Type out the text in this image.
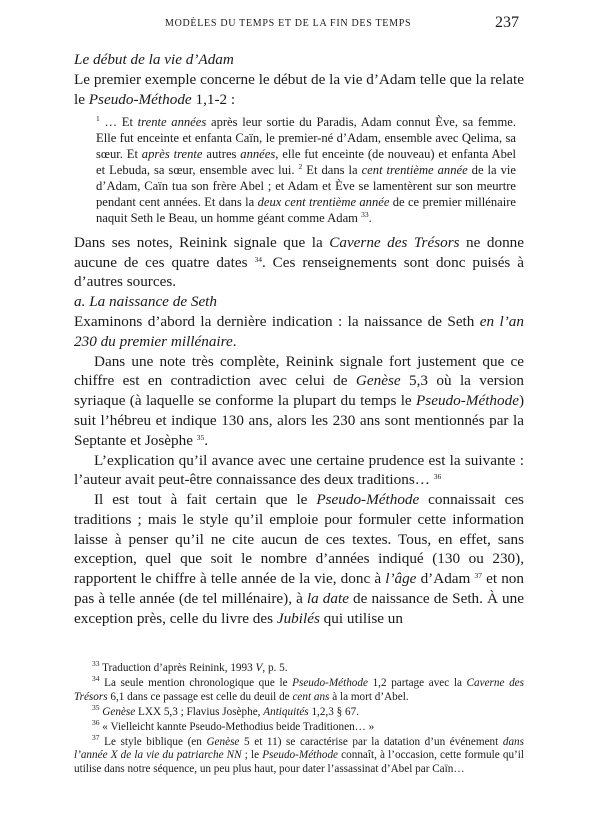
MODÈLES DU TEMPS ET DE LA FIN DES TEMPS	237

Le début de la vie d’Adam

Le premier exemple concerne le début de la vie d’Adam telle que la relate le Pseudo-Méthode 1,1-2 :

$^1$ … Et trente années après leur sortie du Paradis, Adam connut Ève, sa femme. Elle fut enceinte et enfanta Caïn, le premier-né d’Adam, ensemble avec Qelima, sa sœur. Et après trente autres années, elle fut enceinte (de nouveau) et enfanta Abel et Lebuda, sa sœur, ensemble avec lui. $^2$ Et dans la cent trentième année de la vie d’Adam, Caïn tua son frère Abel ; et Adam et Ève se lamentèrent sur son meurtre pendant cent années. Et dans la deux cent trentième année de ce premier millénaire naquit Seth le Beau, un homme géant comme Adam $^{33}$.

Dans ses notes, Reinink signale que la Caverne des Trésors ne donne aucune de ces quatre dates $^{34}$. Ces renseignements sont donc puisés à d’autres sources.

a. La naissance de Seth

Examinons d’abord la dernière indication : la naissance de Seth en l’an 230 du premier millénaire.

Dans une note très complète, Reinink signale fort justement que ce chiffre est en contradiction avec celui de Genèse 5,3 où la version syriaque (à laquelle se conforme la plupart du temps le Pseudo-Méthode) suit l’hébreu et indique 130 ans, alors les 230 ans sont mentionnés par la Septante et Josèphe $^{35}$.

L’explication qu’il avance avec une certaine prudence est la suivante : l’auteur avait peut-être connaissance des deux traditions… $^{36}$

Il est tout à fait certain que le Pseudo-Méthode connaissait ces traditions ; mais le style qu’il emploie pour formuler cette information laisse à penser qu’il ne cite aucun de ces textes. Tous, en effet, sans exception, quel que soit le nombre d’années indiqué (130 ou 230), rapportent le chiffre à telle année de la vie, donc à l’âge d’Adam $^{37}$ et non pas à telle année (de tel millénaire), à la date de naissance de Seth. À une exception près, celle du livre des Jubilés qui utilise un

$^{33}$ Traduction d’après Reinink, 1993 V, p. 5.

$^{34}$ La seule mention chronologique que le Pseudo-Méthode 1,2 partage avec la Caverne des Trésors 6,1 dans ce passage est celle du deuil de cent ans à la mort d’Abel.

$^{35}$ Genèse LXX 5,3 ; Flavius Josèphe, Antiquités 1,2,3 § 67.

$^{36}$ « Vielleicht kannte Pseudo-Methodius beide Traditionen… »

$^{37}$ Le style biblique (en Genèse 5 et 11) se caractérise par la datation d’un événement dans l’année X de la vie du patriarche NN ; le Pseudo-Méthode connaît, à l’occasion, cette formule qu’il utilise dans notre séquence, un peu plus haut, pour dater l’assassinat d’Abel par Caïn…
